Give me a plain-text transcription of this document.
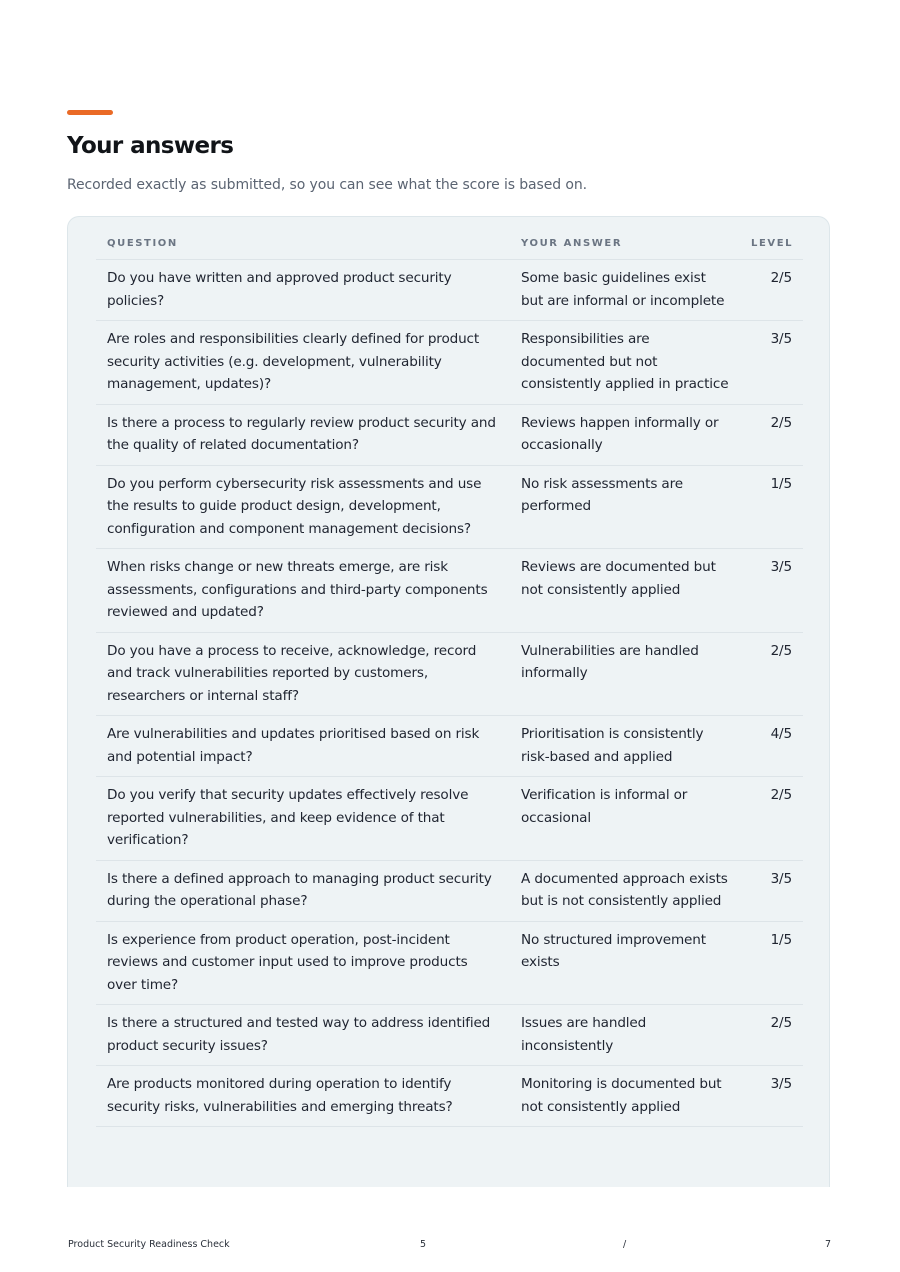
Your answers

Recorded exactly as submitted, so you can see what the score is based on.

QUESTION	YOUR ANSWER	LEVEL
Do you have written and approved product security policies?	Some basic guidelines exist but are informal or incomplete	2/5
Are roles and responsibilities clearly defined for product security activities (e.g. development, vulnerability management, updates)?	Responsibilities are documented but not consistently applied in practice	3/5
Is there a process to regularly review product security and the quality of related documentation?	Reviews happen informally or occasionally	2/5
Do you perform cybersecurity risk assessments and use the results to guide product design, development, configuration and component management decisions?	No risk assessments are performed	1/5
When risks change or new threats emerge, are risk assessments, configurations and third-party components reviewed and updated?	Reviews are documented but not consistently applied	3/5
Do you have a process to receive, acknowledge, record and track vulnerabilities reported by customers, researchers or internal staff?	Vulnerabilities are handled informally	2/5
Are vulnerabilities and updates prioritised based on risk and potential impact?	Prioritisation is consistently risk-based and applied	4/5
Do you verify that security updates effectively resolve reported vulnerabilities, and keep evidence of that verification?	Verification is informal or occasional	2/5
Is there a defined approach to managing product security during the operational phase?	A documented approach exists but is not consistently applied	3/5
Is experience from product operation, post-incident reviews and customer input used to improve products over time?	No structured improvement exists	1/5
Is there a structured and tested way to address identified product security issues?	Issues are handled inconsistently	2/5
Are products monitored during operation to identify security risks, vulnerabilities and emerging threats?	Monitoring is documented but not consistently applied	3/5
Product Security Readiness Check	5	/	7
